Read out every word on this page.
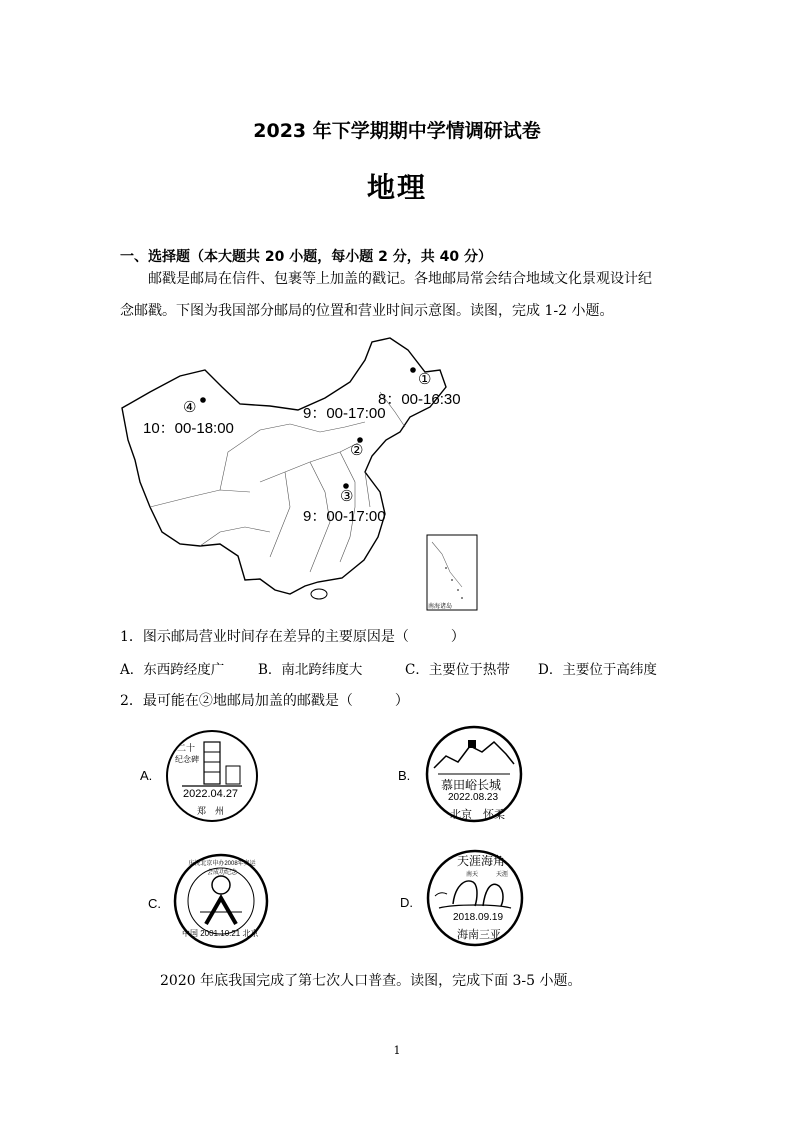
2023 年下学期期中学情调研试卷
地理
一、选择题（本大题共 20 小题，每小题 2 分，共 40 分）
邮戳是邮局在信件、包裹等上加盖的戳记。各地邮局常会结合地域文化景观设计纪
念邮戳。下图为我国部分邮局的位置和营业时间示意图。读图，完成 1-2 小题。
④
10：00-18:00
①
8：00-16:30
9：00-17:00
②
③
9：00-17:00
南海诸岛
1．图示邮局营业时间存在差异的主要原因是（　　　）
A．东西跨经度广	B．南北跨纬度大	C．主要位于热带 D．主要位于高纬度
2．最可能在②地邮局加盖的邮戳是（　　　）
A.
二十
纪念碑
2022.04.27
郑　州
B.
慕田峪长城
2022.08.23
北京　怀柔
C.
中国 2001.10.21 北京
庆祝北京申办2008年奥运会成功纪念
D.
天涯海角
南天	天涯
2018.09.19
海南三亚
2020 年底我国完成了第七次人口普查。读图，完成下面 3-5 小题。
1
